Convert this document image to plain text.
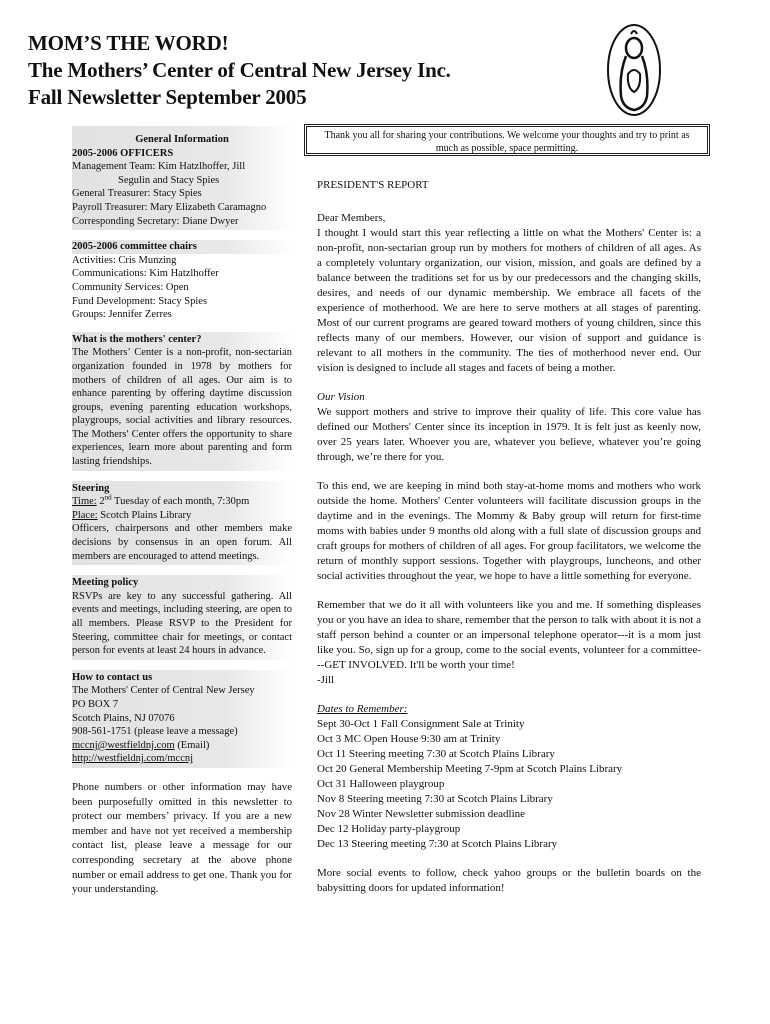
MOM’S THE WORD!
The Mothers’ Center of Central New Jersey Inc.
Fall Newsletter September 2005
General Information
2005-2006 OFFICERS
Management Team: Kim Hatzlhoffer, Jill
Segulin and Stacy Spies
General Treasurer: Stacy Spies
Payroll Treasurer: Mary Elizabeth Caramagno
Corresponding Secretary: Diane Dwyer
2005-2006 committee chairs
Activities: Cris Munzing
Communications: Kim Hatzlhoffer
Community Services: Open
Fund Development: Stacy Spies
Groups: Jennifer Zerres
What is the mothers' center?
The Mothers’ Center is a non-profit, non-sectarian organization founded in 1978 by mothers for mothers of children of all ages. Our aim is to enhance parenting by offering daytime discussion groups, evening parenting education workshops, playgroups, social activities and library resources. The Mothers' Center offers the opportunity to share experiences, learn more about parenting and form lasting friendships.
Steering
Time: 2nd Tuesday of each month, 7:30pm
Place: Scotch Plains Library
Officers, chairpersons and other members make decisions by consensus in an open forum. All members are encouraged to attend meetings.
Meeting policy
RSVPs are key to any successful gathering. All events and meetings, including steering, are open to all members. Please RSVP to the President for Steering, committee chair for meetings, or contact person for events at least 24 hours in advance.
How to contact us
The Mothers' Center of Central New Jersey
PO BOX 7
Scotch Plains, NJ 07076
908-561-1751 (please leave a message)
mccnj@westfieldnj.com (Email)
http://westfieldnj.com/mccnj
Phone numbers or other information may have been purposefully omitted in this newsletter to protect our members’ privacy. If you are a new member and have not yet received a membership contact list, please leave a message for our corresponding secretary at the above phone number or email address to get one. Thank you for your understanding.
Thank you all for sharing your contributions. We welcome your thoughts and try to print as much as possible, space permitting.
PRESIDENT'S REPORT
Dear Members,
I thought I would start this year reflecting a little on what the Mothers' Center is: a non-profit, non-sectarian group run by mothers for mothers of children of all ages. As a completely voluntary organization, our vision, mission, and goals are defined by a balance between the traditions set for us by our predecessors and the changing skills, desires, and needs of our dynamic membership. We embrace all facets of the experience of motherhood. We are here to serve mothers at all stages of parenting. Most of our current programs are geared toward mothers of young children, since this reflects many of our members. However, our vision of support and guidance is relevant to all mothers in the community. The ties of motherhood never end. Our vision is designed to include all stages and facets of being a mother.
Our Vision
We support mothers and strive to improve their quality of life. This core value has defined our Mothers' Center since its inception in 1979. It is felt just as keenly now, over 25 years later. Whoever you are, whatever you believe, whatever you’re going through, we’re there for you.
To this end, we are keeping in mind both stay-at-home moms and mothers who work outside the home. Mothers' Center volunteers will facilitate discussion groups in the daytime and in the evenings. The Mommy & Baby group will return for first-time moms with babies under 9 months old along with a full slate of discussion groups and craft groups for mothers of children of all ages. For group facilitators, we welcome the return of monthly support sessions. Together with playgroups, luncheons, and other social activities throughout the year, we hope to have a little something for everyone.
Remember that we do it all with volunteers like you and me. If something displeases you or you have an idea to share, remember that the person to talk with about it is not a staff person behind a counter or an impersonal telephone operator---it is a mom just like you. So, sign up for a group, come to the social events, volunteer for a committee---GET INVOLVED. It'll be worth your time!
-Jill
Dates to Remember:
Sept 30-Oct 1 Fall Consignment Sale at Trinity
Oct 3 MC Open House 9:30 am at Trinity
Oct 11 Steering meeting 7:30 at Scotch Plains Library
Oct 20 General Membership Meeting 7-9pm at Scotch Plains Library
Oct 31 Halloween playgroup
Nov 8 Steering meeting 7:30 at Scotch Plains Library
Nov 28 Winter Newsletter submission deadline
Dec 12 Holiday party-playgroup
Dec 13 Steering meeting 7:30 at Scotch Plains Library
More social events to follow, check yahoo groups or the bulletin boards on the babysitting doors for updated information!
